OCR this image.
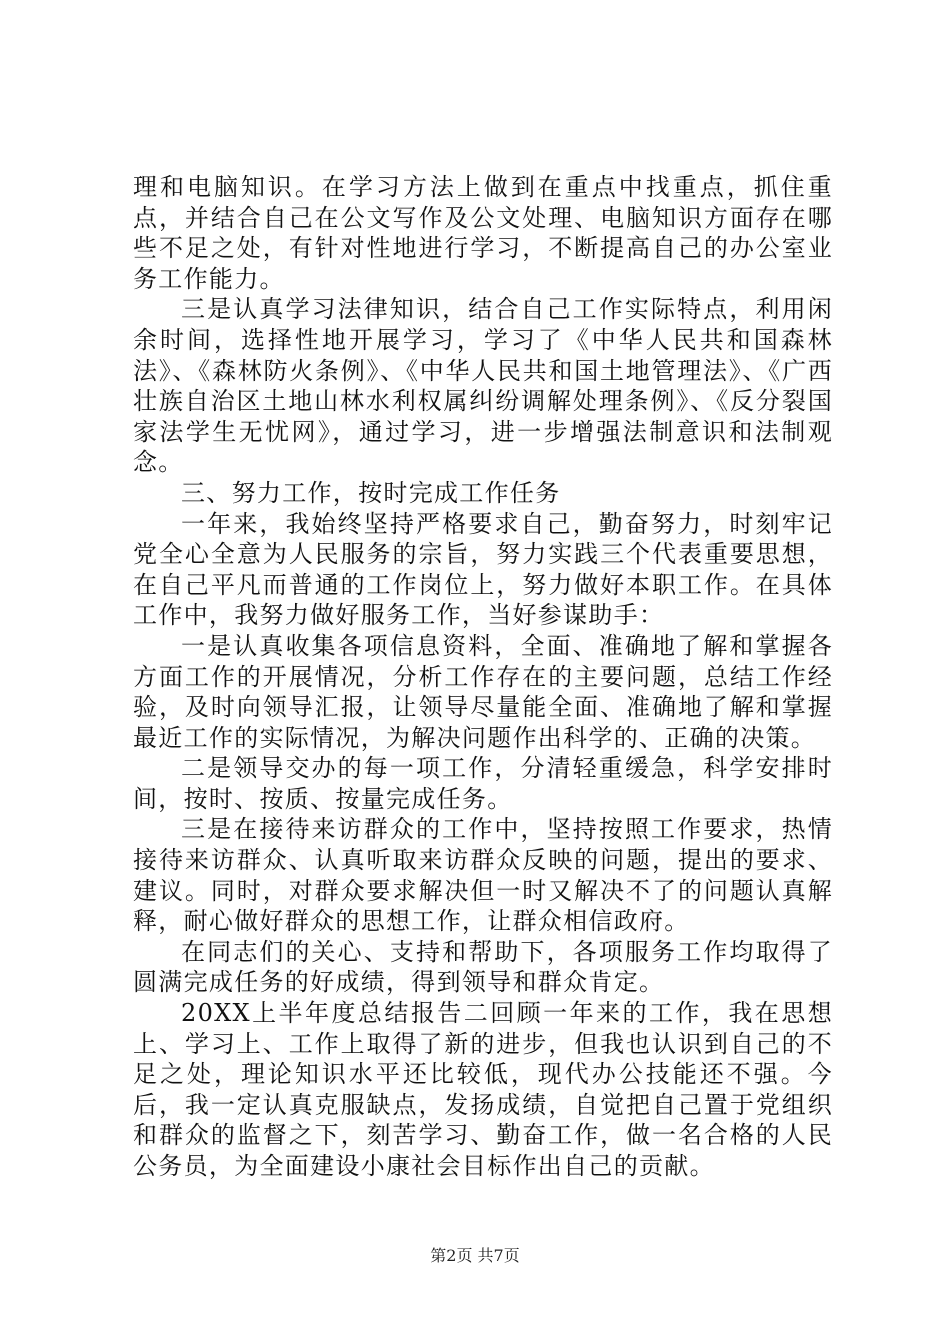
理和电脑知识。在学习方法上做到在重点中找重点，抓住重点，并结合自己在公文写作及公文处理、电脑知识方面存在哪些不足之处，有针对性地进行学习，不断提高自己的办公室业务工作能力。

三是认真学习法律知识，结合自己工作实际特点，利用闲余时间，选择性地开展学习，学习了《中华人民共和国森林法》、《森林防火条例》、《中华人民共和国土地管理法》、《广西壮族自治区土地山林水利权属纠纷调解处理条例》、《反分裂国家法学生无忧网》，通过学习，进一步增强法制意识和法制观念。

三、努力工作，按时完成工作任务

一年来，我始终坚持严格要求自己，勤奋努力，时刻牢记党全心全意为人民服务的宗旨，努力实践三个代表重要思想，在自己平凡而普通的工作岗位上，努力做好本职工作。在具体工作中，我努力做好服务工作，当好参谋助手：

一是认真收集各项信息资料，全面、准确地了解和掌握各方面工作的开展情况，分析工作存在的主要问题，总结工作经验，及时向领导汇报，让领导尽量能全面、准确地了解和掌握最近工作的实际情况，为解决问题作出科学的、正确的决策。

二是领导交办的每一项工作，分清轻重缓急，科学安排时间，按时、按质、按量完成任务。

三是在接待来访群众的工作中，坚持按照工作要求，热情接待来访群众、认真听取来访群众反映的问题，提出的要求、建议。同时，对群众要求解决但一时又解决不了的问题认真解释，耐心做好群众的思想工作，让群众相信政府。

在同志们的关心、支持和帮助下，各项服务工作均取得了圆满完成任务的好成绩，得到领导和群众肯定。

20XX上半年度总结报告二回顾一年来的工作，我在思想上、学习上、工作上取得了新的进步，但我也认识到自己的不足之处，理论知识水平还比较低，现代办公技能还不强。今后，我一定认真克服缺点，发扬成绩，自觉把自己置于党组织和群众的监督之下，刻苦学习、勤奋工作，做一名合格的人民公务员，为全面建设小康社会目标作出自己的贡献。

第2页 共7页
